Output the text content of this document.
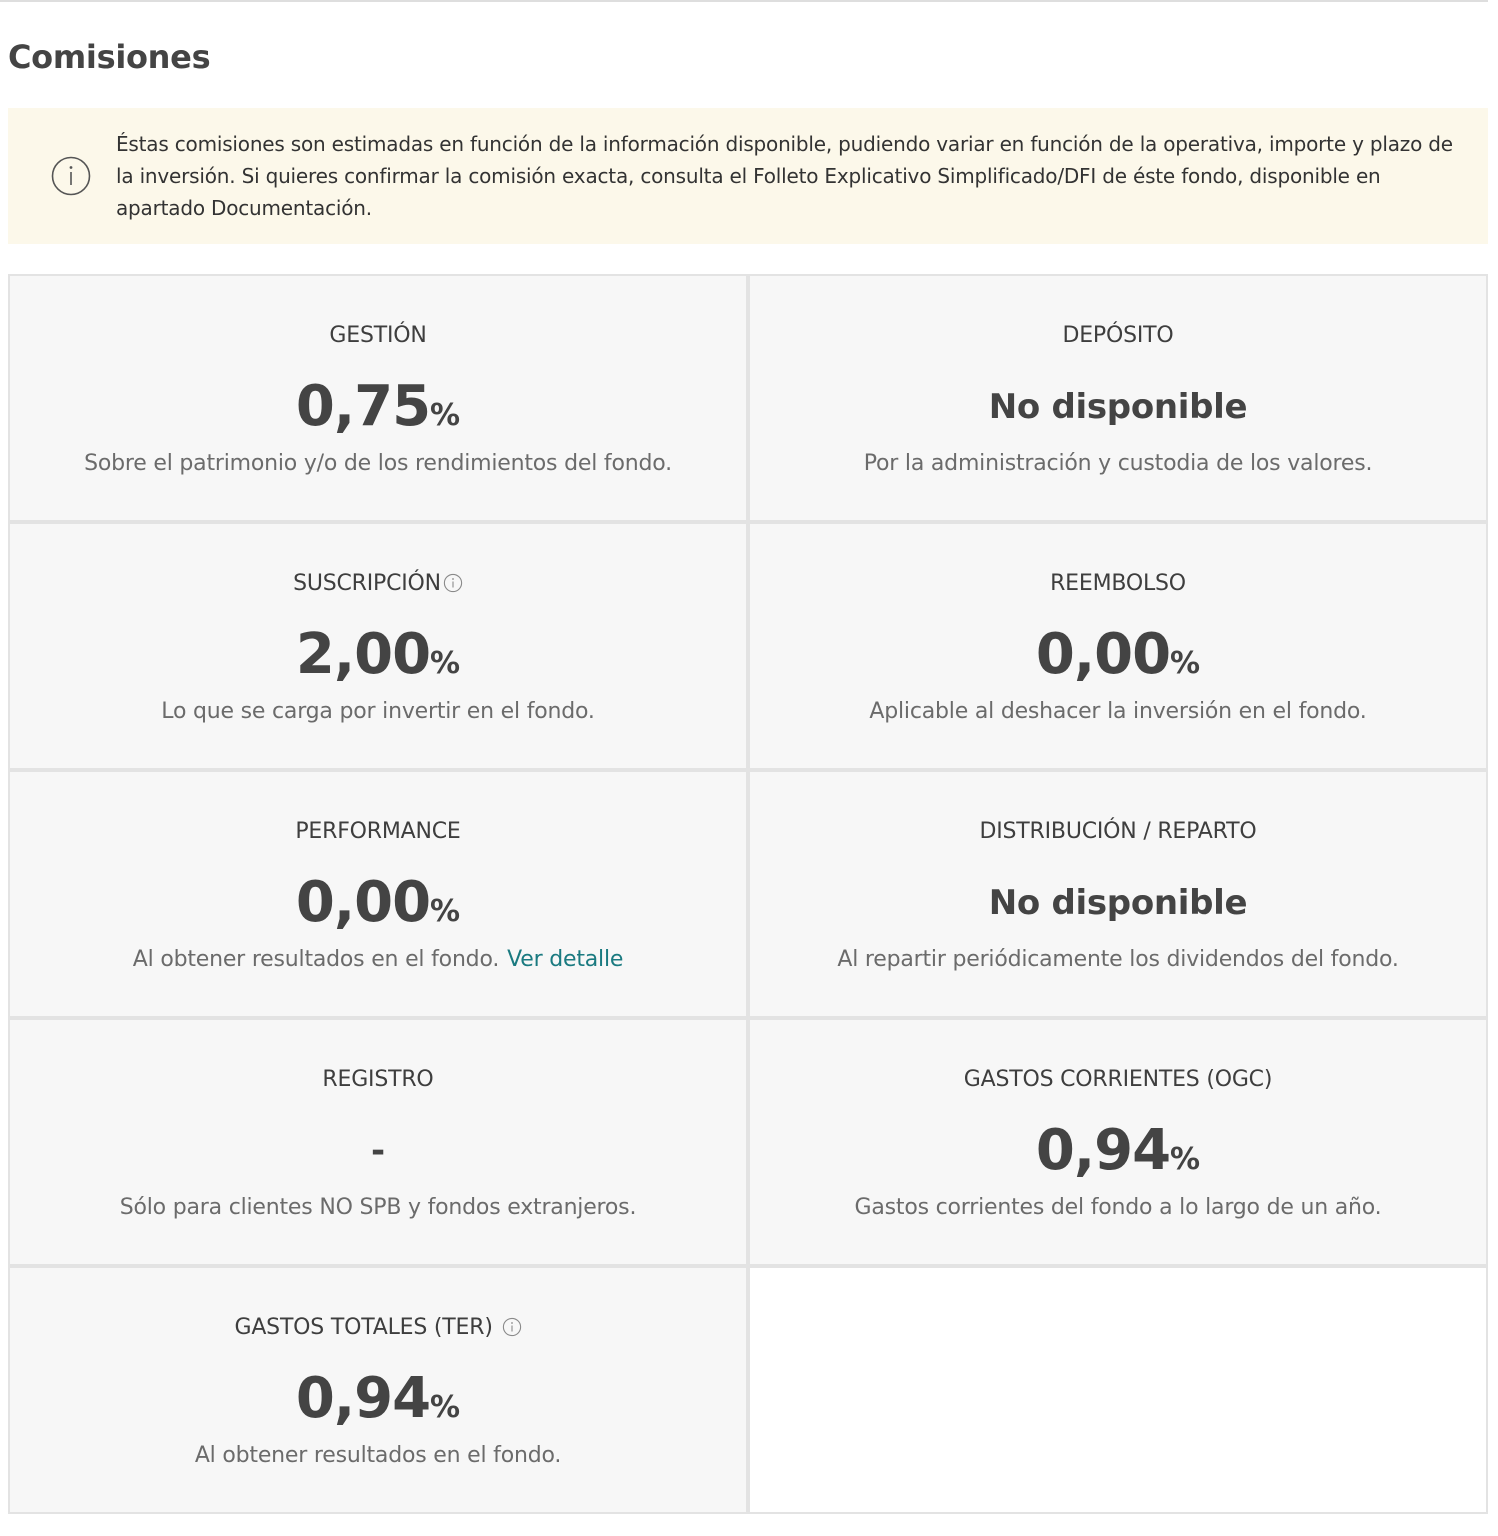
Comisiones

Éstas comisiones son estimadas en función de la información disponible, pudiendo variar en función de la operativa, importe y plazo de la inversión. Si quieres confirmar la comisión exacta, consulta el Folleto Explicativo Simplificado/DFI de éste fondo, disponible en apartado Documentación.

GESTIÓN
0,75%
Sobre el patrimonio y/o de los rendimientos del fondo.
DEPÓSITO
No disponible
Por la administración y custodia de los valores.
SUSCRIPCIÓN
2,00%
Lo que se carga por invertir en el fondo.
REEMBOLSO
0,00%
Aplicable al deshacer la inversión en el fondo.
PERFORMANCE
0,00%
Al obtener resultados en el fondo. Ver detalle
DISTRIBUCIÓN / REPARTO
No disponible
Al repartir periódicamente los dividendos del fondo.
REGISTRO
-
Sólo para clientes NO SPB y fondos extranjeros.
GASTOS CORRIENTES (OGC)
0,94%
Gastos corrientes del fondo a lo largo de un año.
GASTOS TOTALES (TER)
0,94%
Al obtener resultados en el fondo.
